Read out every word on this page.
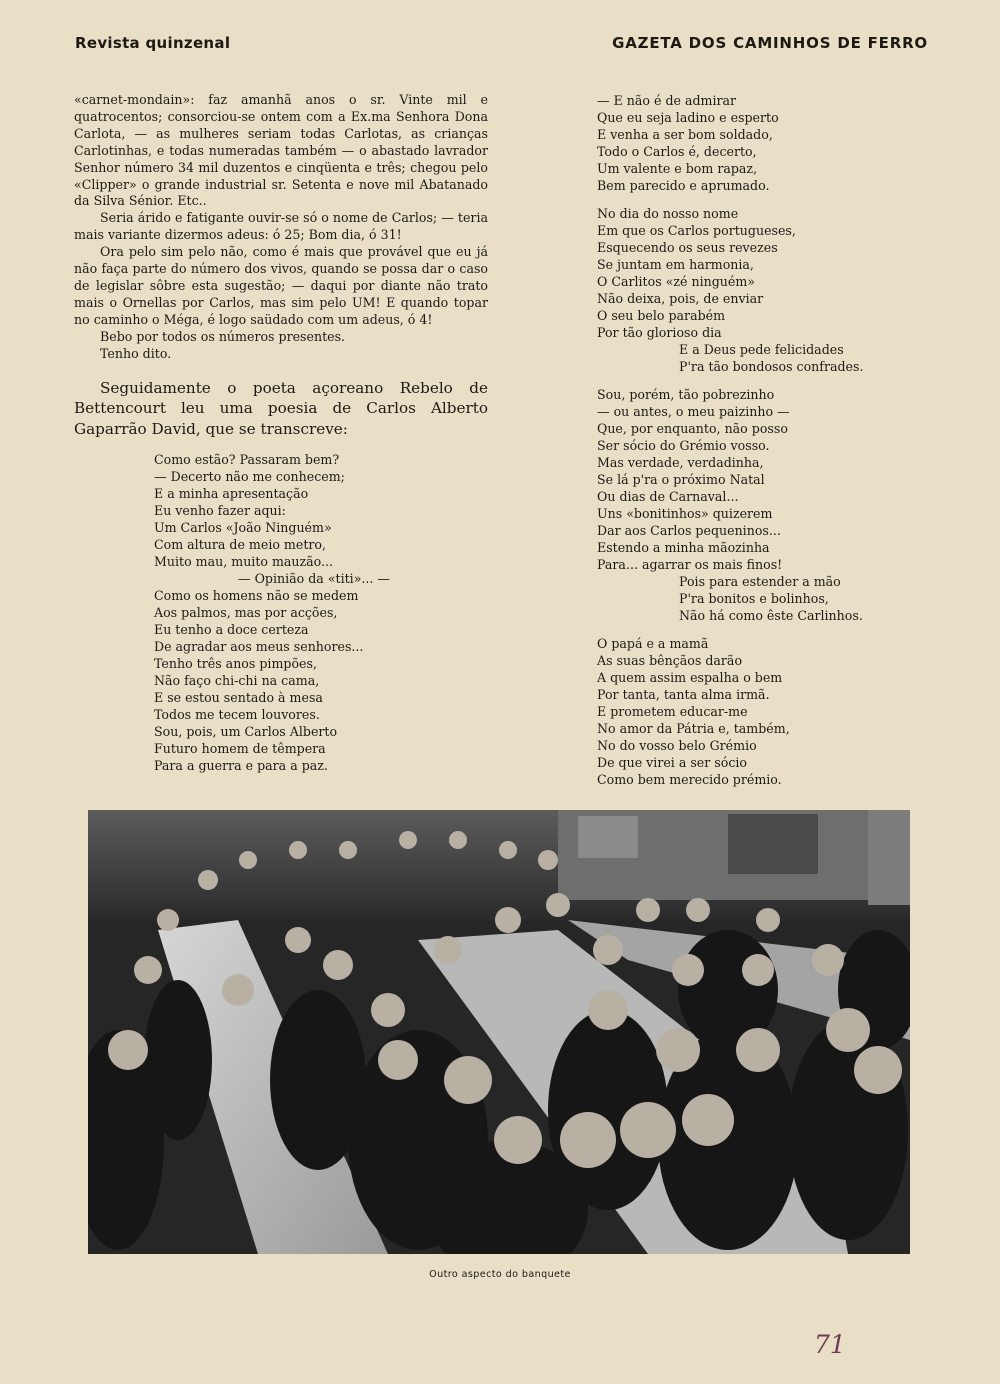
Revista quinzenal	GAZETA DOS CAMINHOS DE FERRO

«carnet-mondain»: faz amanhã anos o sr. Vinte mil e quatrocentos; consorciou-se ontem com a Ex.ma Senhora Dona Carlota, — as mulheres seriam todas Carlotas, as crianças Carlotinhas, e todas numeradas também — o abastado lavrador Senhor número 34 mil duzentos e cinqüenta e três; chegou pelo «Clipper» o grande industrial sr. Setenta e nove mil Abatanado da Silva Sénior. Etc..

Seria árido e fatigante ouvir-se só o nome de Carlos; — teria mais variante dizermos adeus: ó 25; Bom dia, ó 31!

Ora pelo sim pelo não, como é mais que provável que eu já não faça parte do número dos vivos, quando se possa dar o caso de legislar sôbre esta sugestão; — daqui por diante não trato mais o Ornellas por Carlos, mas sim pelo UM! E quando topar no caminho o Méga, é logo saüdado com um adeus, ó 4!

Bebo por todos os números presentes.

Tenho dito.

Seguidamente o poeta açoreano Rebelo de Bettencourt leu uma poesia de Carlos Alberto Gaparrão David, que se transcreve:

Como estão? Passaram bem?
— Decerto não me conhecem;
E a minha apresentação
Eu venho fazer aqui:
Um Carlos «João Ninguém»
Com altura de meio metro,
Muito mau, muito mauzão...
— Opinião da «titi»... —
Como os homens não se medem
Aos palmos, mas por acções,
Eu tenho a doce certeza
De agradar aos meus senhores...
Tenho três anos pimpões,
Não faço chi-chi na cama,
E se estou sentado à mesa
Todos me tecem louvores.
Sou, pois, um Carlos Alberto
Futuro homem de têmpera
Para a guerra e para a paz.
— E não é de admirar
Que eu seja ladino e esperto
E venha a ser bom soldado,
Todo o Carlos é, decerto,
Um valente e bom rapaz,
Bem parecido e aprumado.
No dia do nosso nome
Em que os Carlos portugueses,
Esquecendo os seus revezes
Se juntam em harmonia,
O Carlitos «zé ninguém»
Não deixa, pois, de enviar
O seu belo parabém
Por tão glorioso dia
E a Deus pede felicidades
P'ra tão bondosos confrades.
Sou, porém, tão pobrezinho
— ou antes, o meu paizinho —
Que, por enquanto, não posso
Ser sócio do Grémio vosso.
Mas verdade, verdadinha,
Se lá p'ra o próximo Natal
Ou dias de Carnaval...
Uns «bonitinhos» quizerem
Dar aos Carlos pequeninos...
Estendo a minha mãozinha
Para... agarrar os mais finos!
Pois para estender a mão
P'ra bonitos e bolinhos,
Não há como êste Carlinhos.
O papá e a mamã
As suas bênçãos darão
A quem assim espalha o bem
Por tanta, tanta alma irmã.
E prometem educar-me
No amor da Pátria e, também,
No do vosso belo Grémio
De que virei a ser sócio
Como bem merecido prémio.
Outro aspecto do banquete
71
